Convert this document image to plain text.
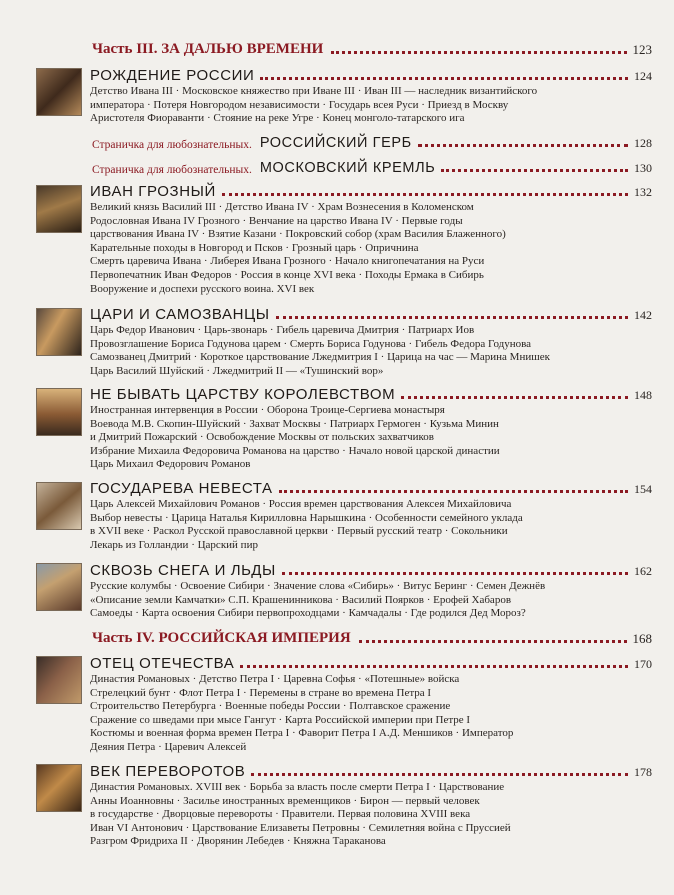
Часть III. ЗА ДАЛЬЮ ВРЕМЕНИ	123
РОЖДЕНИЕ РОССИИ	124
Детство Ивана III · Московское княжество при Иване III · Иван III — наследник византийского
императора · Потеря Новгородом независимости · Государь всея Руси · Приезд в Москву
Аристотеля Фиораванти · Стояние на реке Угре · Конец монголо-татарского ига
Страничка для любознательных. РОССИЙСКИЙ ГЕРБ	128
Страничка для любознательных. МОСКОВСКИЙ КРЕМЛЬ	130
ИВАН ГРОЗНЫЙ	132
Великий князь Василий III · Детство Ивана IV · Храм Вознесения в Коломенском
Родословная Ивана IV Грозного · Венчание на царство Ивана IV · Первые годы
царствования Ивана IV · Взятие Казани · Покровский собор (храм Василия Блаженного)
Карательные походы в Новгород и Псков · Грозный царь · Опричнина
Смерть царевича Ивана · Либерея Ивана Грозного · Начало книгопечатания на Руси
Первопечатник Иван Федоров · Россия в конце XVI века · Походы Ермака в Сибирь
Вооружение и доспехи русского воина. XVI век
ЦАРИ И САМОЗВАНЦЫ	142
Царь Федор Иванович · Царь-звонарь · Гибель царевича Дмитрия · Патриарх Иов
Провозглашение Бориса Годунова царем · Смерть Бориса Годунова · Гибель Федора Годунова
Самозванец Дмитрий · Короткое царствование Лжедмитрия I · Царица на час — Марина Мнишек
Царь Василий Шуйский · Лжедмитрий II — «Тушинский вор»
НЕ БЫВАТЬ ЦАРСТВУ КОРОЛЕВСТВОМ	148
Иностранная интервенция в России · Оборона Троице-Сергиева монастыря
Воевода М.В. Скопин-Шуйский · Захват Москвы · Патриарх Гермоген · Кузьма Минин
и Дмитрий Пожарский · Освобождение Москвы от польских захватчиков
Избрание Михаила Федоровича Романова на царство · Начало новой царской династии
Царь Михаил Федорович Романов
ГОСУДАРЕВА НЕВЕСТА	154
Царь Алексей Михайлович Романов · Россия времен царствования Алексея Михайловича
Выбор невесты · Царица Наталья Кирилловна Нарышкина · Особенности семейного уклада
в XVII веке · Раскол Русской православной церкви · Первый русский театр · Сокольники
Лекарь из Голландии · Царский пир
СКВОЗЬ СНЕГА И ЛЬДЫ	162
Русские колумбы · Освоение Сибири · Значение слова «Сибирь» · Витус Беринг · Семен Дежнёв
«Описание земли Камчатки» С.П. Крашенинникова · Василий Поярков · Ерофей Хабаров
Самоеды · Карта освоения Сибири первопроходцами · Камчадалы · Где родился Дед Мороз?
Часть IV. РОССИЙСКАЯ ИМПЕРИЯ	168
ОТЕЦ ОТЕЧЕСТВА	170
Династия Романовых · Детство Петра I · Царевна Софья · «Потешные» войска
Стрелецкий бунт · Флот Петра I · Перемены в стране во времена Петра I
Строительство Петербурга · Военные победы России · Полтавское сражение
Сражение со шведами при мысе Гангут · Карта Российской империи при Петре I
Костюмы и военная форма времен Петра I · Фаворит Петра I А.Д. Меншиков · Император
Деяния Петра · Царевич Алексей
ВЕК ПЕРЕВОРОТОВ	178
Династия Романовых. XVIII век · Борьба за власть после смерти Петра I · Царствование
Анны Иоанновны · Засилье иностранных временщиков · Бирон — первый человек
в государстве · Дворцовые перевороты · Правители. Первая половина XVIII века
Иван VI Антонович · Царствование Елизаветы Петровны · Семилетняя война с Пруссией
Разгром Фридриха II · Дворянин Лебедев · Княжна Тараканова
